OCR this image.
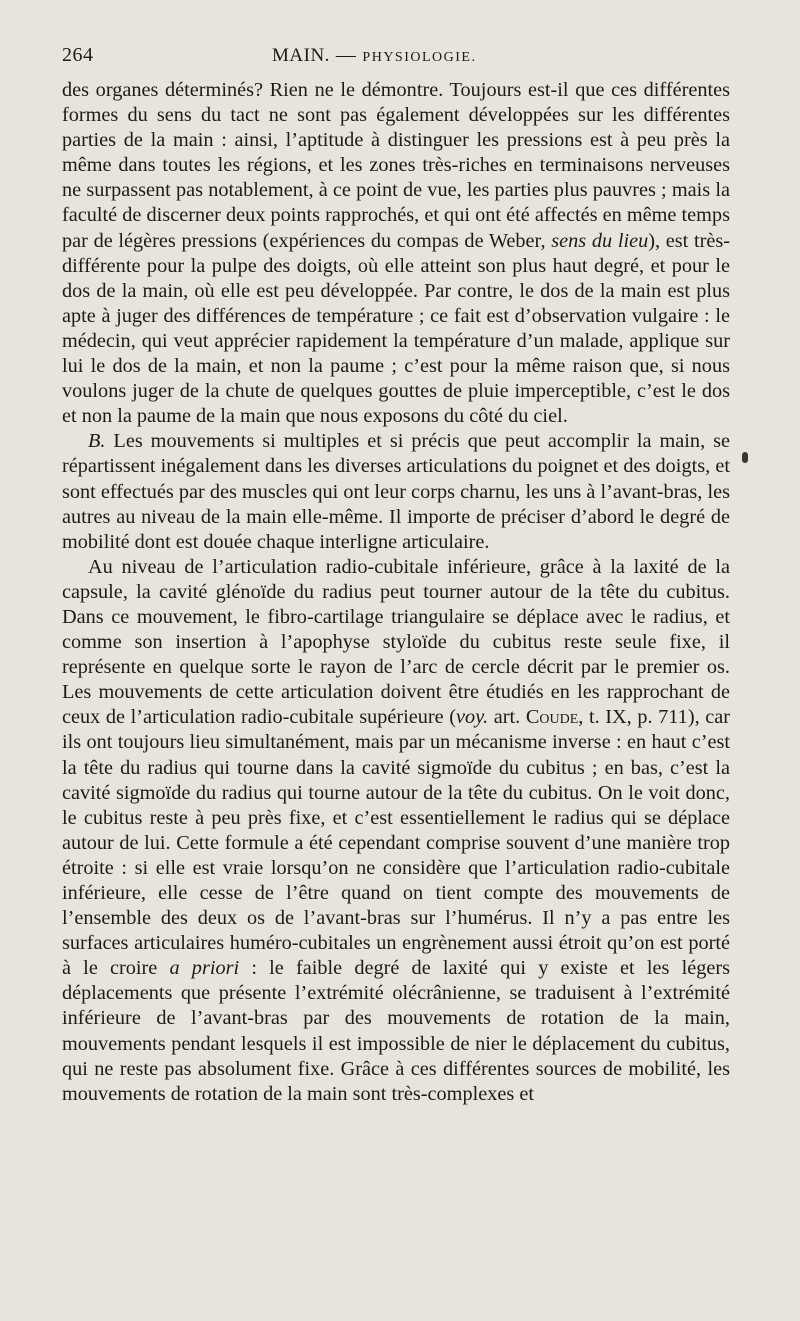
264	MAIN. — PHYSIOLOGIE.

des organes déterminés? Rien ne le démontre. Toujours est-il que ces différentes formes du sens du tact ne sont pas également développées sur les différentes parties de la main : ainsi, l’aptitude à distinguer les pressions est à peu près la même dans toutes les régions, et les zones très-riches en terminaisons nerveuses ne surpassent pas notablement, à ce point de vue, les parties plus pauvres ; mais la faculté de discerner deux points rapprochés, et qui ont été affectés en même temps par de légères pressions (expériences du compas de Weber, sens du lieu), est très-différente pour la pulpe des doigts, où elle atteint son plus haut degré, et pour le dos de la main, où elle est peu développée. Par contre, le dos de la main est plus apte à juger des différences de température ; ce fait est d’observation vulgaire : le médecin, qui veut apprécier rapidement la température d’un malade, applique sur lui le dos de la main, et non la paume ; c’est pour la même raison que, si nous voulons juger de la chute de quelques gouttes de pluie imperceptible, c’est le dos et non la paume de la main que nous exposons du côté du ciel.

B. Les mouvements si multiples et si précis que peut accomplir la main, se répartissent inégalement dans les diverses articulations du poignet et des doigts, et sont effectués par des muscles qui ont leur corps charnu, les uns à l’avant-bras, les autres au niveau de la main elle-même. Il importe de préciser d’abord le degré de mobilité dont est douée chaque interligne articulaire.

Au niveau de l’articulation radio-cubitale inférieure, grâce à la laxité de la capsule, la cavité glénoïde du radius peut tourner autour de la tête du cubitus. Dans ce mouvement, le fibro-cartilage triangulaire se déplace avec le radius, et comme son insertion à l’apophyse styloïde du cubitus reste seule fixe, il représente en quelque sorte le rayon de l’arc de cercle décrit par le premier os. Les mouvements de cette articulation doivent être étudiés en les rapprochant de ceux de l’articulation radio-cubitale supérieure (voy. art. Coude, t. IX, p. 711), car ils ont toujours lieu simultanément, mais par un mécanisme inverse : en haut c’est la tête du radius qui tourne dans la cavité sigmoïde du cubitus ; en bas, c’est la cavité sigmoïde du radius qui tourne autour de la tête du cubitus. On le voit donc, le cubitus reste à peu près fixe, et c’est essentiellement le radius qui se déplace autour de lui. Cette formule a été cependant comprise souvent d’une manière trop étroite : si elle est vraie lorsqu’on ne considère que l’articulation radio-cubitale inférieure, elle cesse de l’être quand on tient compte des mouvements de l’ensemble des deux os de l’avant-bras sur l’humérus. Il n’y a pas entre les surfaces articulaires huméro-cubitales un engrènement aussi étroit qu’on est porté à le croire a priori : le faible degré de laxité qui y existe et les légers déplacements que présente l’extrémité olécrânienne, se traduisent à l’extrémité inférieure de l’avant-bras par des mouvements de rotation de la main, mouvements pendant lesquels il est impossible de nier le déplacement du cubitus, qui ne reste pas absolument fixe. Grâce à ces différentes sources de mobilité, les mouvements de rotation de la main sont très-complexes et
